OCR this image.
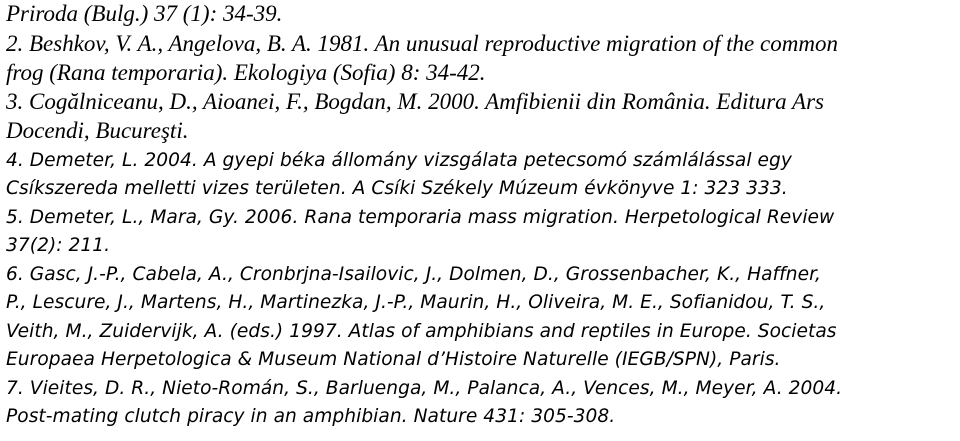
Priroda (Bulg.) 37 (1): 34-39.
2. Beshkov, V. A., Angelova, B. A. 1981. An unusual reproductive migration of the common
frog (Rana temporaria). Ekologiya (Sofia) 8: 34-42.
3. Cogălniceanu, D., Aioanei, F., Bogdan, M. 2000. Amfibienii din România. Editura Ars
Docendi, Bucureşti.
4. Demeter, L. 2004. A gyepi béka állomány vizsgálata petecsomó számlálással egy
Csíkszereda melletti vizes területen. A Csíki Székely Múzeum évkönyve 1: 323 333.
5. Demeter, L., Mara, Gy. 2006. Rana temporaria mass migration. Herpetological Review
37(2): 211.
6. Gasc, J.-P., Cabela, A., Cronbrjna-Isailovic, J., Dolmen, D., Grossenbacher, K., Haffner,
P., Lescure, J., Martens, H., Martinezka, J.-P., Maurin, H., Oliveira, M. E., Sofianidou, T. S.,
Veith, M., Zuidervijk, A. (eds.) 1997. Atlas of amphibians and reptiles in Europe. Societas
Europaea Herpetologica & Museum National d’Histoire Naturelle (IEGB/SPN), Paris.
7. Vieites, D. R., Nieto-Román, S., Barluenga, M., Palanca, A., Vences, M., Meyer, A. 2004.
Post-mating clutch piracy in an amphibian. Nature 431: 305-308.
